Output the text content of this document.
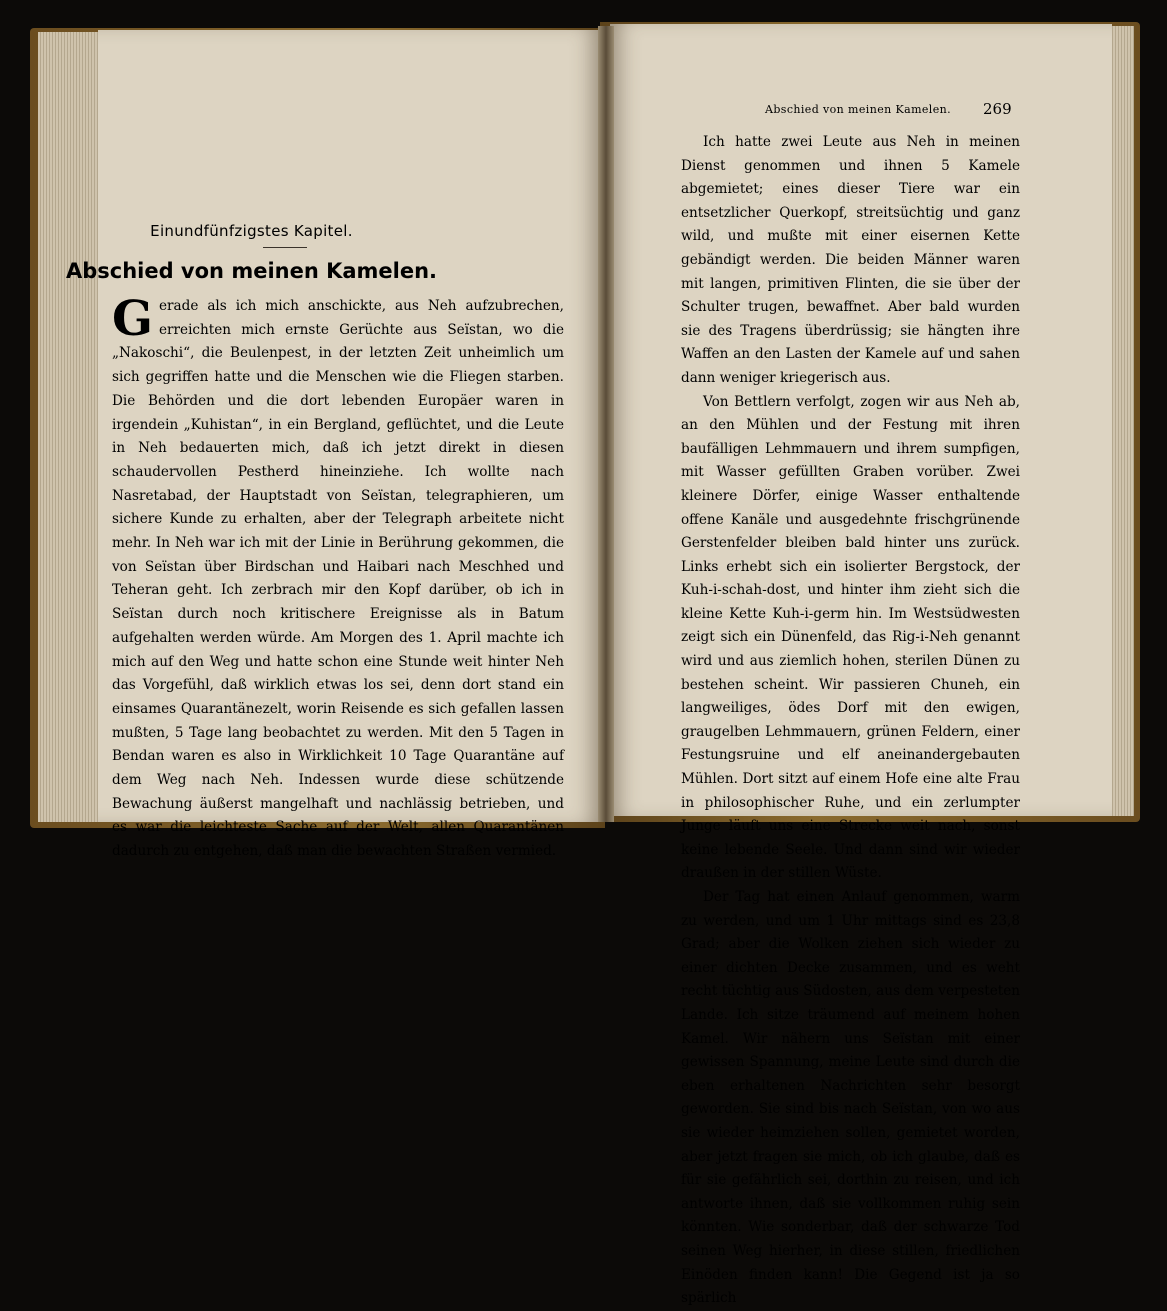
Einundfünfzigstes Kapitel.
Abschied von meinen Kamelen.

Gerade als ich mich anschickte, aus Neh aufzubrechen, erreichten mich ernste Gerüchte aus Seïstan, wo die „Nakoschi“, die Beulenpest, in der letzten Zeit unheimlich um sich gegriffen hatte und die Menschen wie die Fliegen starben. Die Behörden und die dort lebenden Europäer waren in irgendein „Kuhistan“, in ein Bergland, geflüchtet, und die Leute in Neh bedauerten mich, daß ich jetzt direkt in diesen schaudervollen Pestherd hineinziehe. Ich wollte nach Nasretabad, der Hauptstadt von Seïstan, telegraphieren, um sichere Kunde zu erhalten, aber der Telegraph arbeitete nicht mehr. In Neh war ich mit der Linie in Berührung gekommen, die von Seïstan über Birdschan und Haibari nach Meschhed und Teheran geht. Ich zerbrach mir den Kopf darüber, ob ich in Seïstan durch noch kritischere Ereignisse als in Batum aufgehalten werden würde. Am Morgen des 1. April machte ich mich auf den Weg und hatte schon eine Stunde weit hinter Neh das Vorgefühl, daß wirklich etwas los sei, denn dort stand ein einsames Quarantänezelt, worin Reisende es sich gefallen lassen mußten, 5 Tage lang beobachtet zu werden. Mit den 5 Tagen in Bendan waren es also in Wirklichkeit 10 Tage Quarantäne auf dem Weg nach Neh. Indessen wurde diese schützende Bewachung äußerst mangelhaft und nachlässig betrieben, und es war die leichteste Sache auf der Welt, allen Quarantänen dadurch zu entgehen, daß man die bewachten Straßen vermied.

Abschied von meinen Kamelen. 269

Ich hatte zwei Leute aus Neh in meinen Dienst genommen und ihnen 5 Kamele abgemietet; eines dieser Tiere war ein entsetzlicher Querkopf, streitsüchtig und ganz wild, und mußte mit einer eisernen Kette gebändigt werden. Die beiden Männer waren mit langen, primitiven Flinten, die sie über der Schulter trugen, bewaffnet. Aber bald wurden sie des Tragens überdrüssig; sie hängten ihre Waffen an den Lasten der Kamele auf und sahen dann weniger kriegerisch aus.

Von Bettlern verfolgt, zogen wir aus Neh ab, an den Mühlen und der Festung mit ihren baufälligen Lehmmauern und ihrem sumpfigen, mit Wasser gefüllten Graben vorüber. Zwei kleinere Dörfer, einige Wasser enthaltende offene Kanäle und ausgedehnte frischgrünende Gerstenfelder bleiben bald hinter uns zurück. Links erhebt sich ein isolierter Bergstock, der Kuh-i-schah-dost, und hinter ihm zieht sich die kleine Kette Kuh-i-germ hin. Im Westsüdwesten zeigt sich ein Dünenfeld, das Rig-i-Neh genannt wird und aus ziemlich hohen, sterilen Dünen zu bestehen scheint. Wir passieren Chuneh, ein langweiliges, ödes Dorf mit den ewigen, graugelben Lehmmauern, grünen Feldern, einer Festungsruine und elf aneinandergebauten Mühlen. Dort sitzt auf einem Hofe eine alte Frau in philosophischer Ruhe, und ein zerlumpter Junge läuft uns eine Strecke weit nach, sonst keine lebende Seele. Und dann sind wir wieder draußen in der stillen Wüste.

Der Tag hat einen Anlauf genommen, warm zu werden, und um 1 Uhr mittags sind es 23,8 Grad; aber die Wolken ziehen sich wieder zu einer dichten Decke zusammen, und es weht recht tüchtig aus Südosten, aus dem verpesteten Lande. Ich sitze träumend auf meinem hohen Kamel. Wir nähern uns Seïstan mit einer gewissen Spannung, meine Leute sind durch die eben erhaltenen Nachrichten sehr besorgt geworden. Sie sind bis nach Seïstan, von wo aus sie wieder heimziehen sollen, gemietet worden, aber jetzt fragen sie mich, ob ich glaube, daß es für sie gefährlich sei, dorthin zu reisen, und ich antworte ihnen, daß sie vollkommen ruhig sein könnten. Wie sonderbar, daß der schwarze Tod seinen Weg hierher, in diese stillen, friedlichen Einöden finden kann! Die Gegend ist ja so spärlich
